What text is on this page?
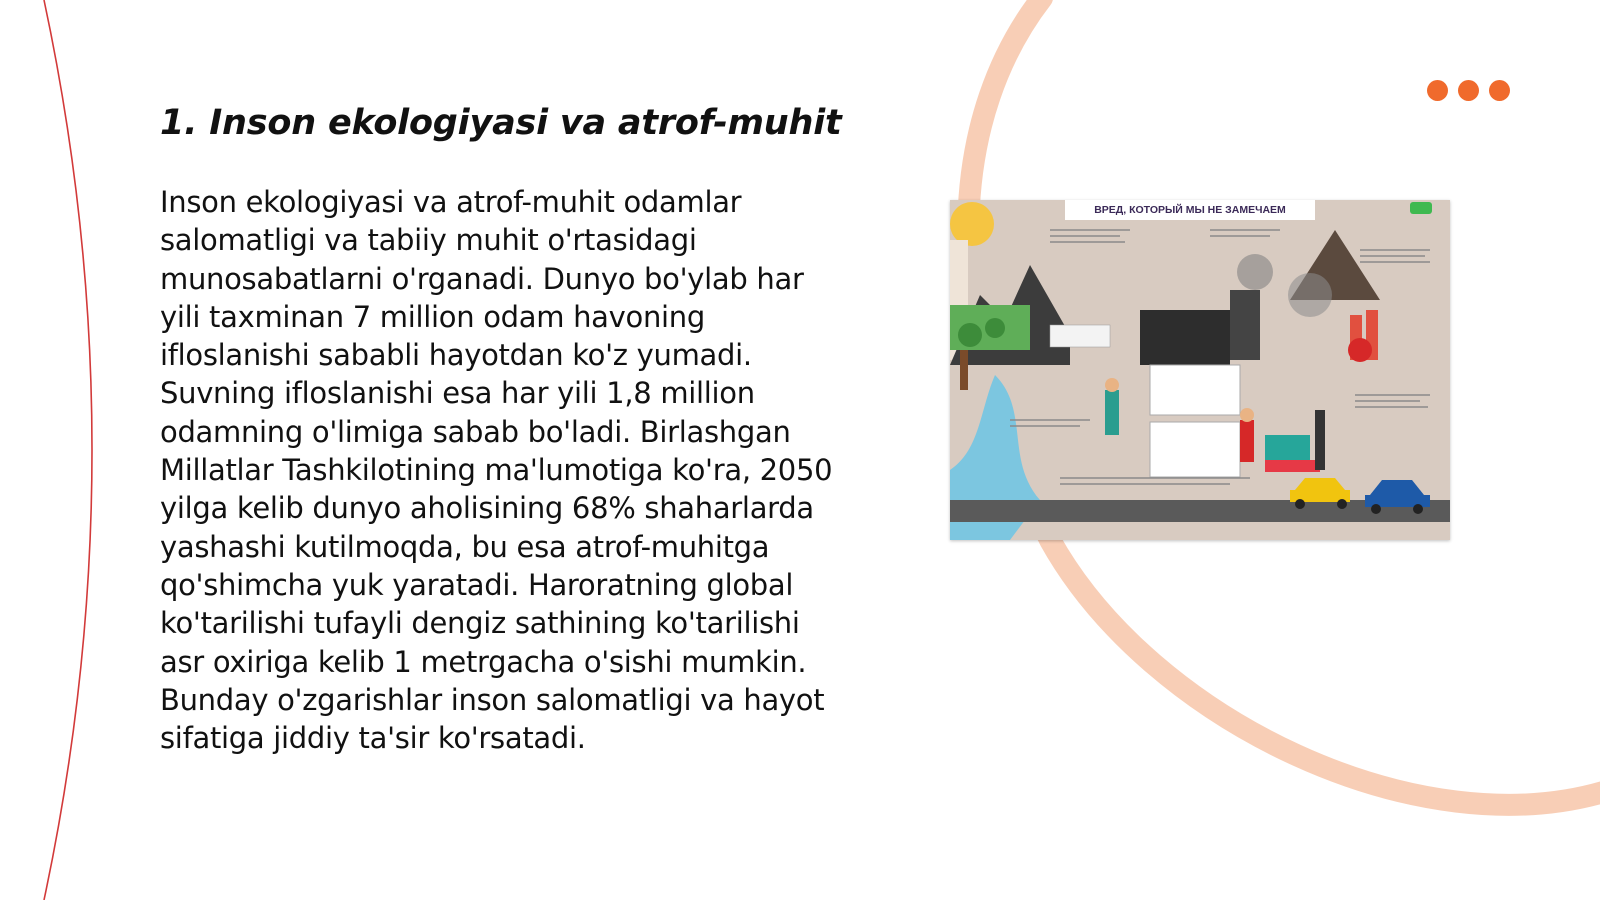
1. Inson ekologiyasi va atrof-muhit

Inson ekologiyasi va atrof-muhit odamlar salomatligi va tabiiy muhit o'rtasidagi munosabatlarni o'rganadi. Dunyo bo'ylab har yili taxminan 7 million odam havoning ifloslanishi sababli hayotdan ko'z yumadi. Suvning ifloslanishi esa har yili 1,8 million odamning o'limiga sabab bo'ladi. Birlashgan Millatlar Tashkilotining ma'lumotiga ko'ra, 2050 yilga kelib dunyo aholisining 68% shaharlarda yashashi kutilmoqda, bu esa atrof-muhitga qo'shimcha yuk yaratadi. Haroratning global ko'tarilishi tufayli dengiz sathining ko'tarilishi asr oxiriga kelib 1 metrgacha o'sishi mumkin. Bunday o'zgarishlar inson salomatligi va hayot sifatiga jiddiy ta'sir ko'rsatadi.

ВРЕД, КОТОРЫЙ МЫ НЕ ЗАМЕЧАЕМ
